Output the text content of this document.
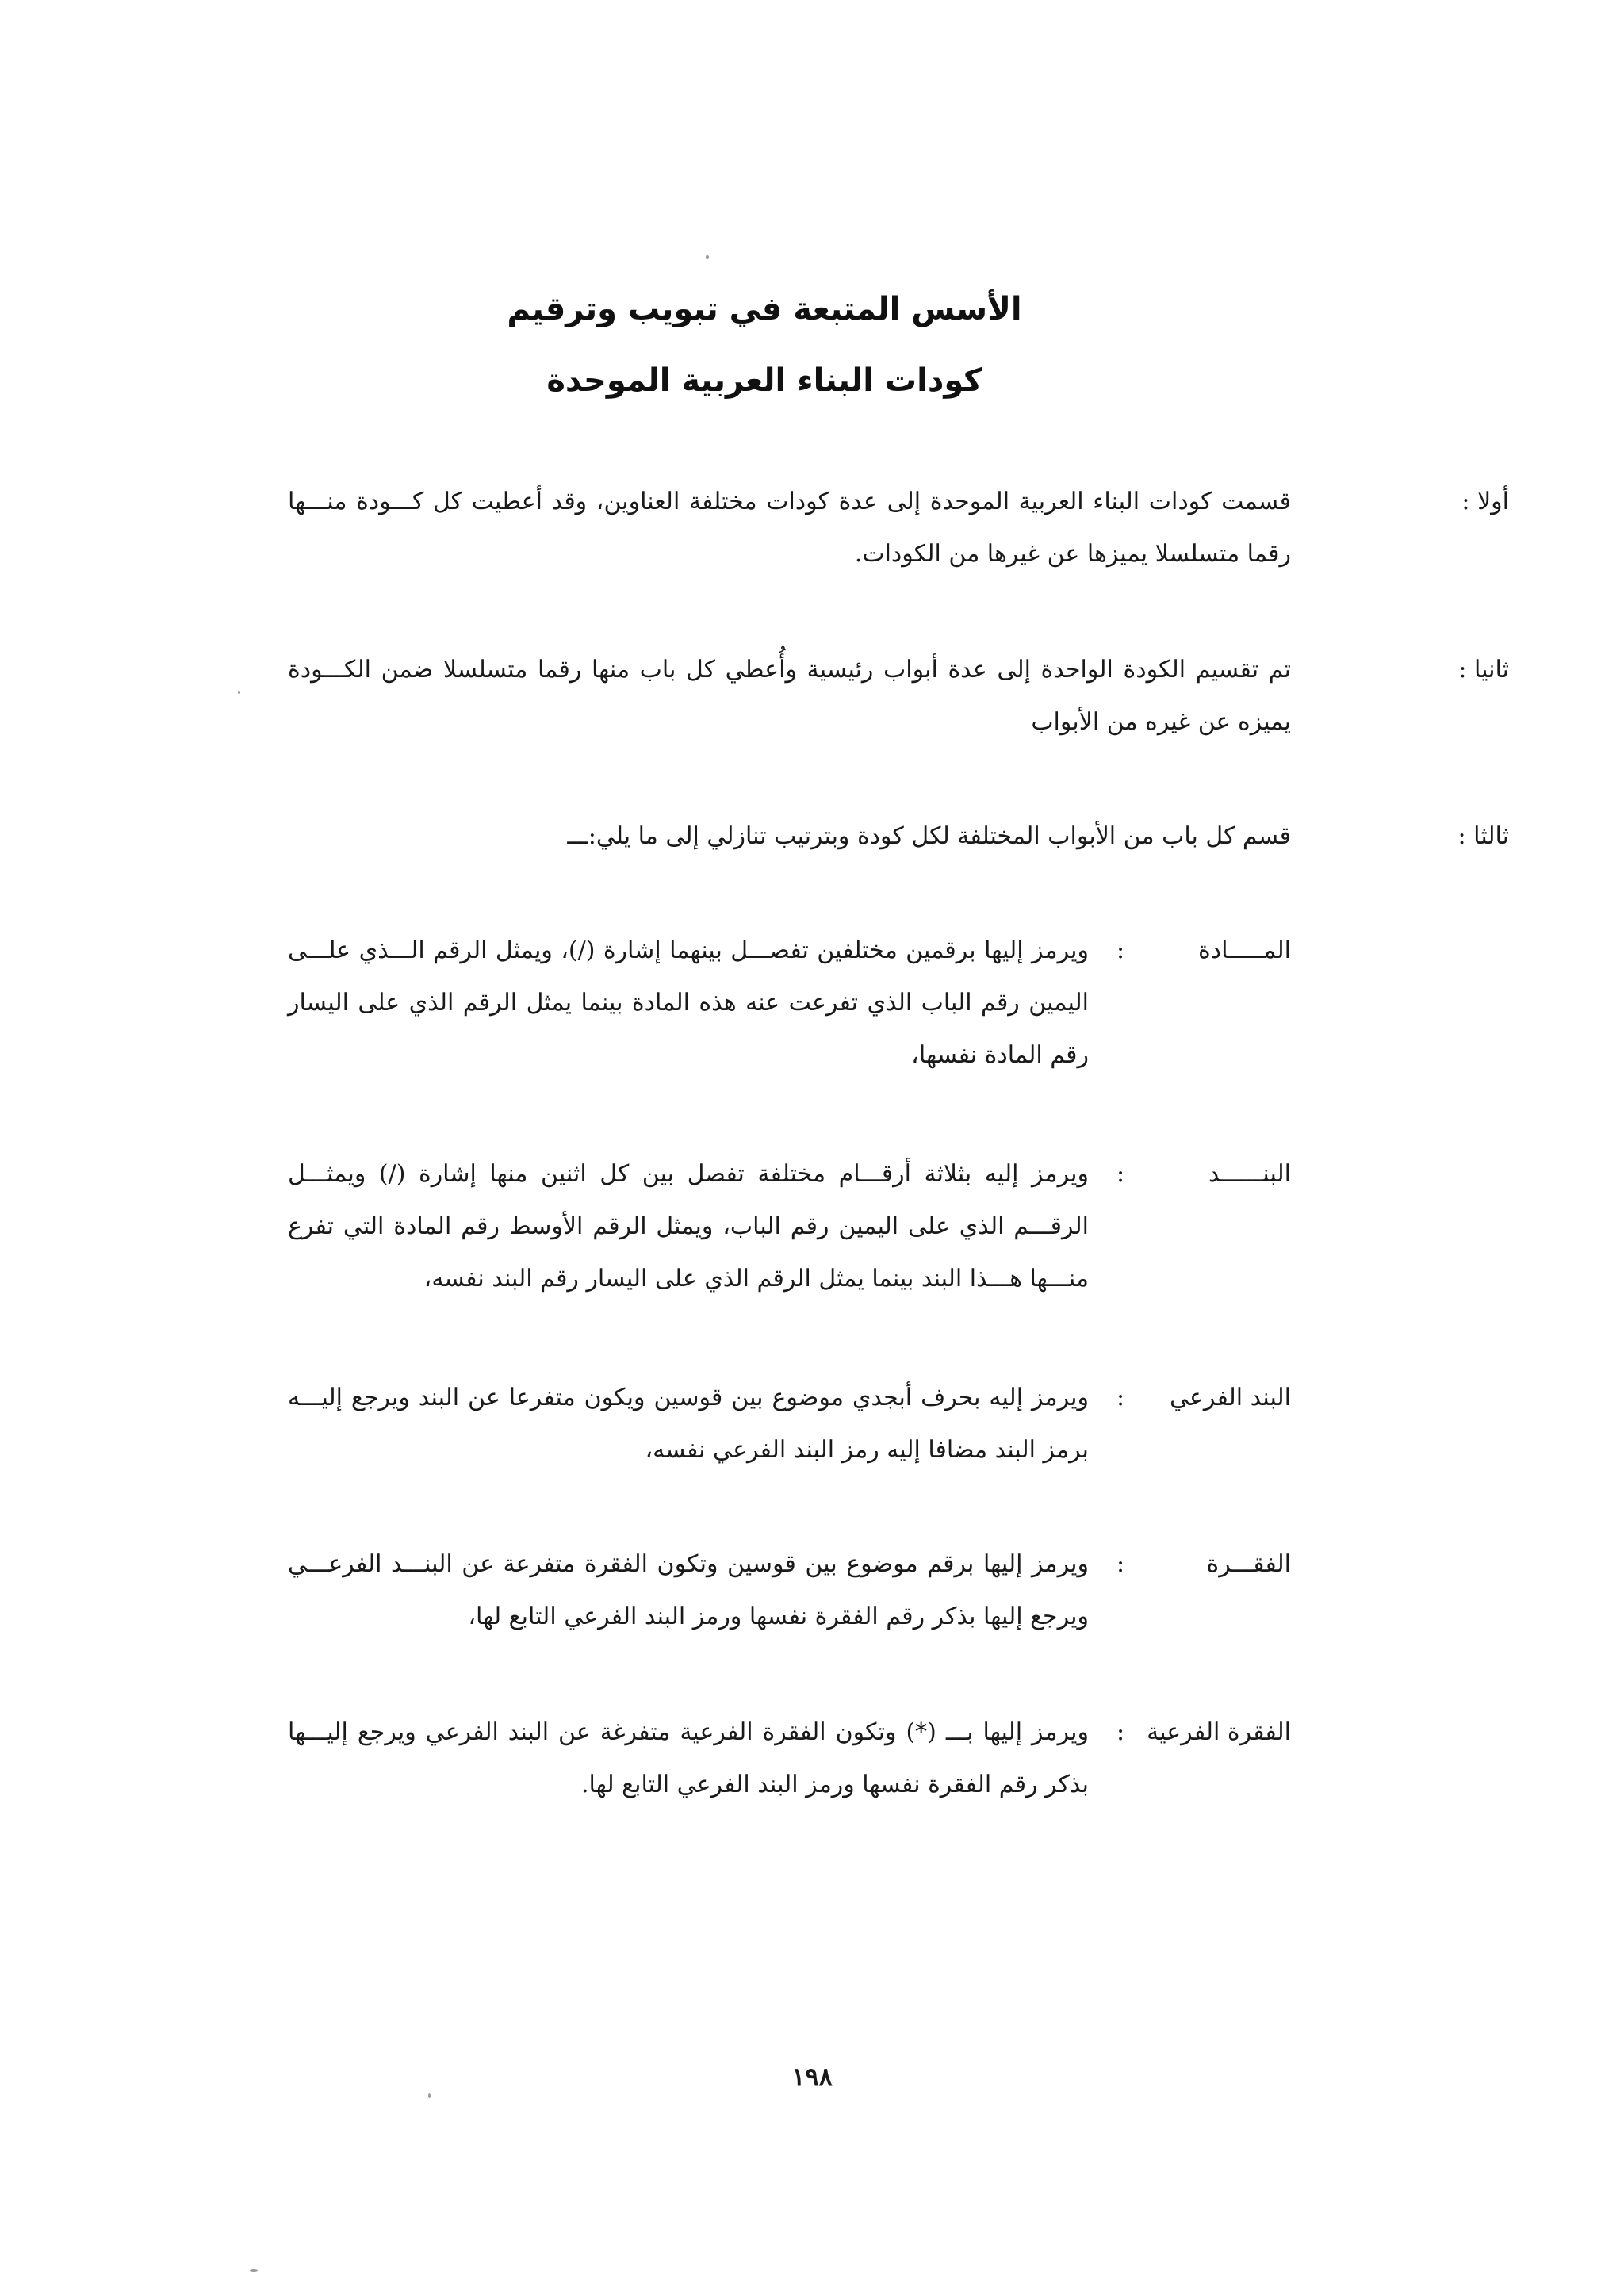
الأسس المتبعة في تبويب وترقيم
كودات البناء العربية الموحدة
أولا :
قسمت كودات البناء العربية الموحدة إلى عدة كودات مختلفة العناوين، وقد أعطيت كل كـــودة منـــها رقما متسلسلا يميزها عن غيرها من الكودات.
ثانيا :
تم تقسيم الكودة الواحدة إلى عدة أبواب رئيسية وأُعطي كل باب منها رقما متسلسلا ضمن الكـــودة يميزه عن غيره من الأبواب
ثالثا :
قسم كل باب من الأبواب المختلفة لكل كودة وبترتيب تنازلي إلى ما يلي:ـــ
المـــــادة
:
ويرمز إليها برقمين مختلفين تفصـــل بينهما إشارة (/)، ويمثل الرقم الـــذي علـــى اليمين رقم الباب الذي تفرعت عنه هذه المادة بينما يمثل الرقم الذي على اليسار رقم المادة نفسها،
البنــــــد
:
ويرمز إليه بثلاثة أرقـــام مختلفة تفصل بين كل اثنين منها إشارة (/) ويمثـــل الرقـــم الذي على اليمين رقم الباب، ويمثل الرقم الأوسط رقم المادة التي تفرع منـــها هـــذا البند بينما يمثل الرقم الذي على اليسار رقم البند نفسه،
البند الفرعي
:
ويرمز إليه بحرف أبجدي موضوع بين قوسين ويكون متفرعا عن البند ويرجع إليـــه برمز البند مضافا إليه رمز البند الفرعي نفسه،
الفقـــرة
:
ويرمز إليها برقم موضوع بين قوسين وتكون الفقرة متفرعة عن البنـــد الفرعـــي ويرجع إليها بذكر رقم الفقرة نفسها ورمز البند الفرعي التابع لها،
الفقرة الفرعية
:
ويرمز إليها بـــ (*) وتكون الفقرة الفرعية متفرغة عن البند الفرعي ويرجع إليـــها بذكر رقم الفقرة نفسها ورمز البند الفرعي التابع لها.
١٩٨
